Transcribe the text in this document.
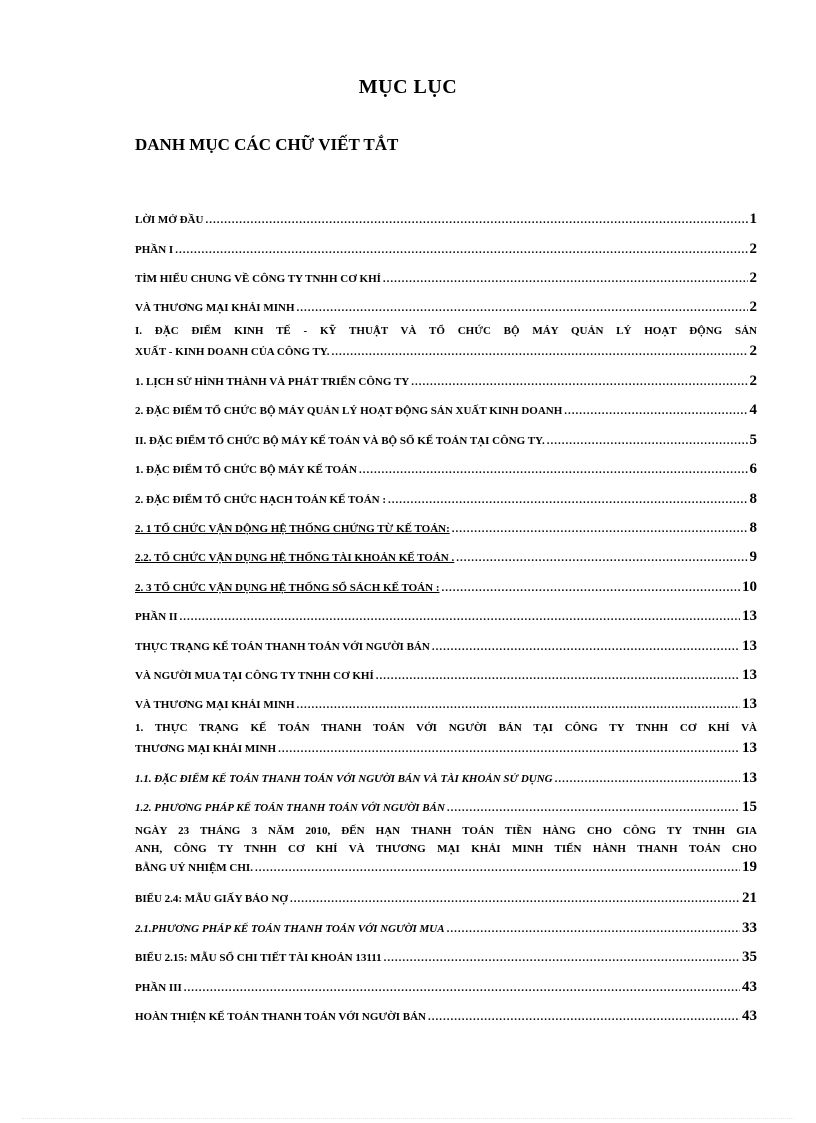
MỤC LỤC
DANH MỤC CÁC CHỮ VIẾT TẮT
LỜI MỞ ĐẦU .....	1
PHẦN I .....	2
TÌM HIỂU CHUNG VỀ CÔNG TY TNHH CƠ KHÍ .....	2
VÀ THƯƠNG MẠI KHẢI MINH .....	2
I. ĐẶC ĐIỂM KINH TẾ - KỸ THUẬT VÀ TỔ CHỨC BỘ MÁY QUẢN LÝ HOẠT ĐỘNG SẢN
XUẤT - KINH DOANH CỦA CÔNG TY. .....	2
1. LỊCH SỬ HÌNH THÀNH VÀ PHÁT TRIỂN CÔNG TY .....	2
2. ĐẶC ĐIỂM TỔ CHỨC BỘ MÁY QUẢN LÝ HOẠT ĐỘNG SẢN XUẤT KINH DOANH .....	4
II. ĐẶC ĐIỂM TỔ CHỨC BỘ MÁY KẾ TOÁN VÀ BỘ SỔ KẾ TOÁN TẠI CÔNG TY. .....	5
1. ĐẶC ĐIỂM TỔ CHỨC BỘ MÁY KẾ TOÁN .....	6
2. ĐẶC ĐIỂM TỔ CHỨC HẠCH TOÁN KẾ TOÁN : .....	8
2. 1 TỔ CHỨC VẬN DỘNG HỆ THỐNG CHỨNG TỪ KẾ TOÁN: .....	8
2.2. TỔ CHỨC VẬN DỤNG HỆ THỐNG TÀI KHOẢN KẾ TOÁN . .....	9
2. 3 TỔ CHỨC VẬN DỤNG HỆ THỐNG SỔ SÁCH KẾ TOÁN : .....	10
PHẦN II .....	13
THỰC TRẠNG KẾ TOÁN THANH TOÁN VỚI NGƯỜI BÁN .....	13
VÀ NGƯỜI MUA TẠI CÔNG TY TNHH CƠ KHÍ .....	13
VÀ THƯƠNG MẠI KHẢI MINH .....	13
1. THỰC TRẠNG KẾ TOÁN THANH TOÁN VỚI NGƯỜI BÁN TẠI CÔNG TY TNHH CƠ KHÍ VÀ
THƯƠNG MẠI KHẢI MINH .....	13
1.1. ĐẶC ĐIỂM KẾ TOÁN THANH TOÁN VỚI NGƯỜI BÁN VÀ TÀI KHOẢN SỬ DỤNG .....	13
1.2. PHƯƠNG PHÁP KẾ TOÁN THANH TOÁN VỚI NGƯỜI BÁN .....	15
NGÀY 23 THÁNG 3 NĂM 2010, ĐẾN HẠN THANH TOÁN TIỀN HÀNG CHO CÔNG TY TNHH GIA
ANH, CÔNG TY TNHH CƠ KHÍ VÀ THƯƠNG MẠI KHẢI MINH TIẾN HÀNH THANH TOÁN CHO
BẰNG UỶ NHIỆM CHI. .....	19
BIỂU 2.4: MẪU GIẤY BÁO NỢ .....	21
2.1.PHƯƠNG PHÁP KẾ TOÁN THANH TOÁN VỚI NGƯỜI MUA .....	33
BIỂU 2.15: MẪU SỔ CHI TIẾT TÀI KHOẢN 13111 .....	35
PHẦN III .....	43
HOÀN THIỆN KẾ TOÁN THANH TOÁN VỚI NGƯỜI BÁN .....	43
